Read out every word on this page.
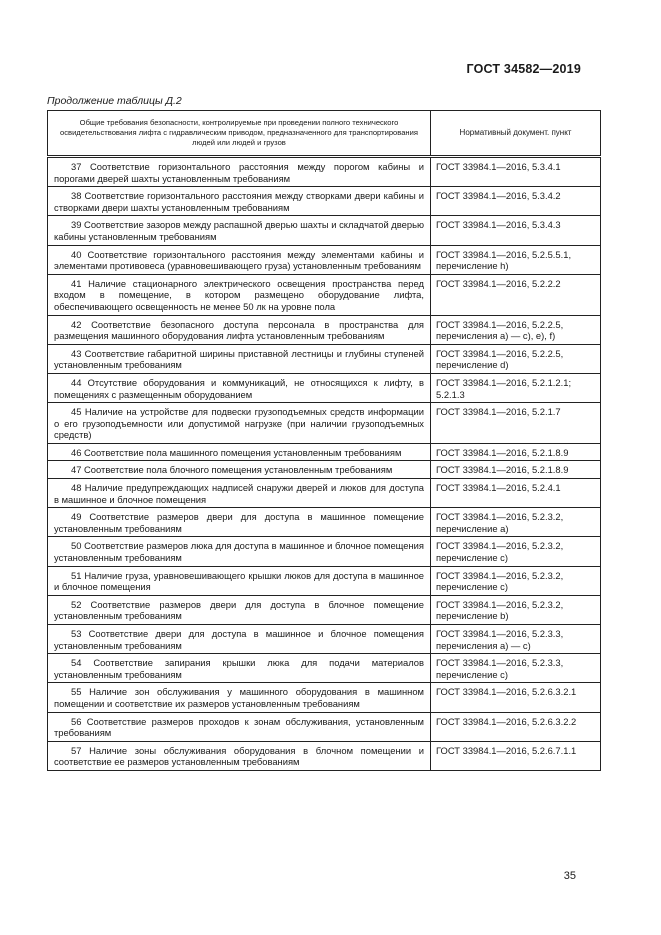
ГОСТ 34582—2019
Продолжение таблицы Д.2
Общие требования безопасности, контролируемые при проведении полного технического освидетельствования лифта с гидравлическим приводом, предназначенного для транспортирования людей или людей и грузов	Нормативный документ. пункт
37 Соответствие горизонтального расстояния между порогом кабины и порогами дверей шахты установленным требованиям	ГОСТ 33984.1—2016, 5.3.4.1
38 Соответствие горизонтального расстояния между створками двери кабины и створками двери шахты установленным требованиям	ГОСТ 33984.1—2016, 5.3.4.2
39 Соответствие зазоров между распашной дверью шахты и складчатой дверью кабины установленным требованиям	ГОСТ 33984.1—2016, 5.3.4.3
40 Соответствие горизонтального расстояния между элементами кабины и элементами противовеса (уравновешивающего груза) установленным требованиям	ГОСТ 33984.1—2016, 5.2.5.5.1, перечисление h)
41 Наличие стационарного электрического освещения пространства перед входом в помещение, в котором размещено оборудование лифта, обеспечивающего освещенность не менее 50 лк на уровне пола	ГОСТ 33984.1—2016, 5.2.2.2
42 Соответствие безопасного доступа персонала в пространства для размещения машинного оборудования лифта установленным требованиям	ГОСТ 33984.1—2016, 5.2.2.5, перечисления а) — с), е), f)
43 Соответствие габаритной ширины приставной лестницы и глубины ступеней установленным требованиям	ГОСТ 33984.1—2016, 5.2.2.5, перечисление d)
44 Отсутствие оборудования и коммуникаций, не относящихся к лифту, в помещениях с размещенным оборудованием	ГОСТ 33984.1—2016, 5.2.1.2.1; 5.2.1.3
45 Наличие на устройстве для подвески грузоподъемных средств информации о его грузоподъемности или допустимой нагрузке (при наличии грузоподъемных средств)	ГОСТ 33984.1—2016, 5.2.1.7
46 Соответствие пола машинного помещения установленным требованиям	ГОСТ 33984.1—2016, 5.2.1.8.9
47 Соответствие пола блочного помещения установленным требованиям	ГОСТ 33984.1—2016, 5.2.1.8.9
48 Наличие предупреждающих надписей снаружи дверей и люков для доступа в машинное и блочное помещения	ГОСТ 33984.1—2016, 5.2.4.1
49 Соответствие размеров двери для доступа в машинное помещение установленным требованиям	ГОСТ 33984.1—2016, 5.2.3.2, перечисление а)
50 Соответствие размеров люка для доступа в машинное и блочное помещения установленным требованиям	ГОСТ 33984.1—2016, 5.2.3.2, перечисление с)
51 Наличие груза, уравновешивающего крышки люков для доступа в машинное и блочное помещения	ГОСТ 33984.1—2016, 5.2.3.2, перечисление с)
52 Соответствие размеров двери для доступа в блочное помещение установленным требованиям	ГОСТ 33984.1—2016, 5.2.3.2, перечисление b)
53 Соответствие двери для доступа в машинное и блочное помещения установленным требованиям	ГОСТ 33984.1—2016, 5.2.3.3, перечисления а) — с)
54 Соответствие запирания крышки люка для подачи материалов установленным требованиям	ГОСТ 33984.1—2016, 5.2.3.3, перечисление с)
55 Наличие зон обслуживания у машинного оборудования в машинном помещении и соответствие их размеров установленным требованиям	ГОСТ 33984.1—2016, 5.2.6.3.2.1
56 Соответствие размеров проходов к зонам обслуживания, установленным требованиям	ГОСТ 33984.1—2016, 5.2.6.3.2.2
57 Наличие зоны обслуживания оборудования в блочном помещении и соответствие ее размеров установленным требованиям	ГОСТ 33984.1—2016, 5.2.6.7.1.1
35
